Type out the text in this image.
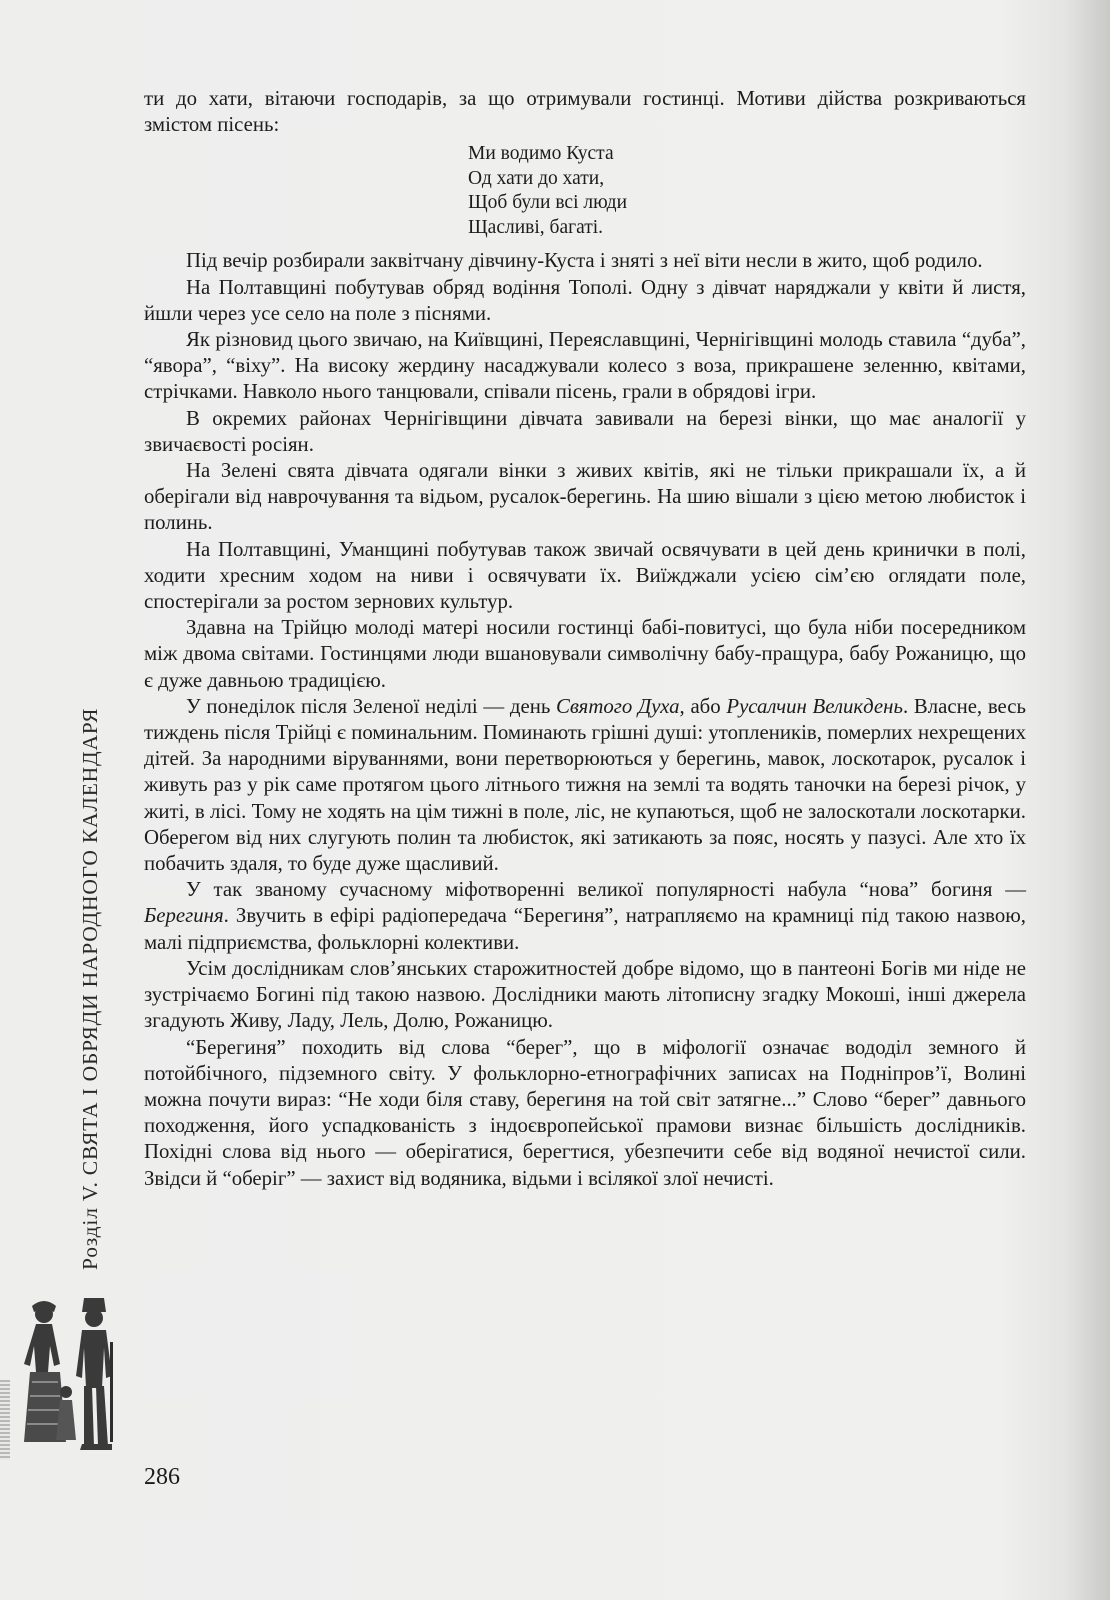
Розділ V. СВЯТА І ОБРЯДИ НАРОДНОГО КАЛЕНДАРЯ

ти до хати, вітаючи господарів, за що отримували гостинці. Мотиви дійства розкриваються змістом пісень:

Ми водимо Куста
Од хати до хати,
Щоб були всі люди
Щасливі, багаті.

Під вечір розбирали заквітчану дівчину-Куста і зняті з неї віти несли в жито, щоб родило.

На Полтавщині побутував обряд водіння Тополі. Одну з дівчат наряджали у квіти й листя, йшли через усе село на поле з піснями.

Як різновид цього звичаю, на Київщині, Переяславщині, Чернігівщині молодь ставила “дуба”, “явора”, “віху”. На високу жердину насаджували колесо з воза, прикрашене зеленню, квітами, стрічками. Навколо нього танцювали, співали пісень, грали в обрядові ігри.

В окремих районах Чернігівщини дівчата завивали на березі вінки, що має аналогії у звичаєвості росіян.

На Зелені свята дівчата одягали вінки з живих квітів, які не тільки прикрашали їх, а й оберігали від наврочування та відьом, русалок-берегинь. На шию вішали з цією метою любисток і полинь.

На Полтавщині, Уманщині побутував також звичай освячувати в цей день кринички в полі, ходити хресним ходом на ниви і освячувати їх. Виїжджали усією сім’єю оглядати поле, спостерігали за ростом зернових культур.

Здавна на Трійцю молоді матері носили гостинці бабі-повитусі, що була ніби посередником між двома світами. Гостинцями люди вшановували символічну бабу-пращура, бабу Рожаницю, що є дуже давньою традицією.

У понеділок після Зеленої неділі — день Святого Духа, або Русалчин Великдень. Власне, весь тиждень після Трійці є поминальним. Поминають грішні душі: утоплеників, померлих нехрещених дітей. За народними віруваннями, вони перетворюються у берегинь, мавок, лоскотарок, русалок і живуть раз у рік саме протягом цього літнього тижня на землі та водять таночки на березі річок, у житі, в лісі. Тому не ходять на цім тижні в поле, ліс, не купаються, щоб не залоскотали лоскотарки. Оберегом від них слугують полин та любисток, які затикають за пояс, носять у пазусі. Але хто їх побачить здаля, то буде дуже щасливий.

У так званому сучасному міфотворенні великої популярності набула “нова” богиня — Берегиня. Звучить в ефірі радіопередача “Берегиня”, натрапляємо на крамниці під такою назвою, малі підприємства, фольклорні колективи.

Усім дослідникам слов’янських старожитностей добре відомо, що в пантеоні Богів ми ніде не зустрічаємо Богині під такою назвою. Дослідники мають літописну згадку Мокоші, інші джерела згадують Живу, Ладу, Лель, Долю, Рожаницю.

“Берегиня” походить від слова “берег”, що в міфології означає вододіл земного й потойбічного, підземного світу. У фольклорно-етнографічних записах на Подніпров’ї, Волині можна почути вираз: “Не ходи біля ставу, берегиня на той світ затягне...” Слово “берег” давнього походження, його успадкованість з індоєвропейської прамови визнає більшість дослідників. Похідні слова від нього — оберігатися, берегтися, убезпечити себе від водяної нечистої сили. Звідси й “оберіг” — захист від водяника, відьми і всілякої злої нечисті.

286
